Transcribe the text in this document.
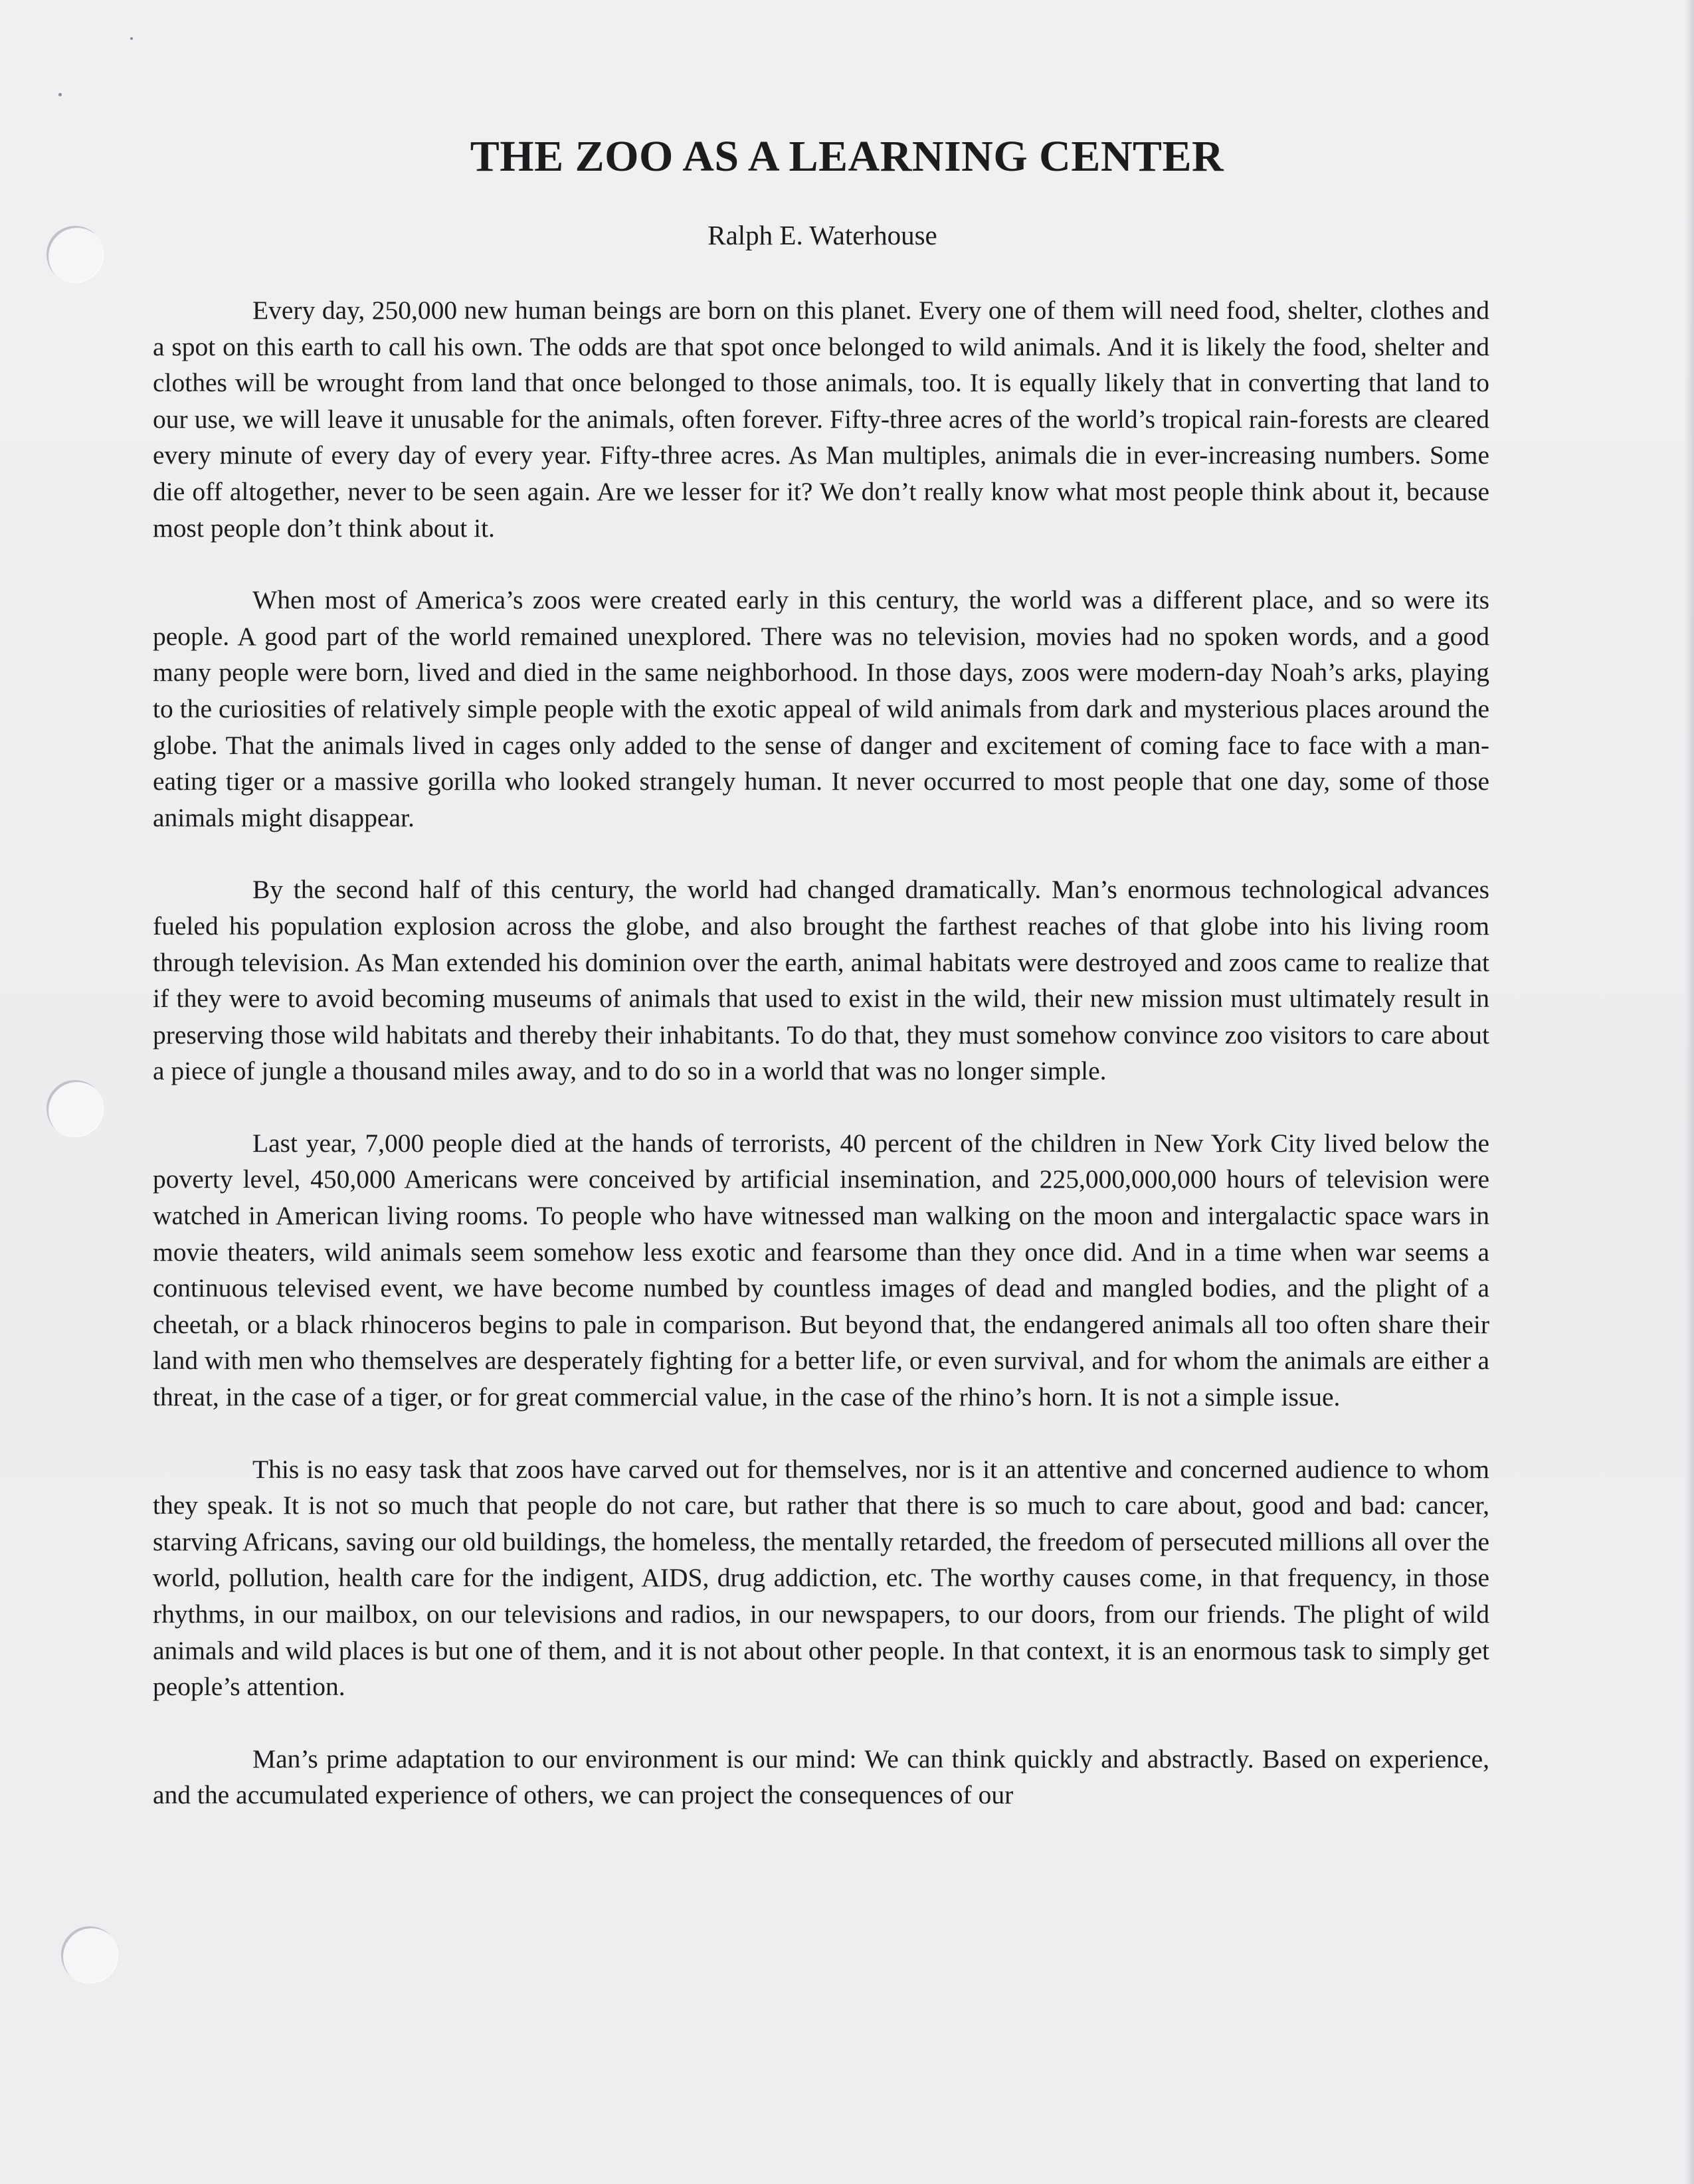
THE ZOO AS A LEARNING CENTER
Ralph E. Waterhouse

Every day, 250,000 new human beings are born on this planet. Every one of them will need food, shelter, clothes and a spot on this earth to call his own. The odds are that spot once belonged to wild animals. And it is likely the food, shelter and clothes will be wrought from land that once belonged to those animals, too. It is equally likely that in converting that land to our use, we will leave it unusable for the animals, often forever. Fifty-three acres of the world’s tropical rain-forests are cleared every minute of every day of every year. Fifty-three acres. As Man multiples, animals die in ever-increasing numbers. Some die off altogether, never to be seen again. Are we lesser for it? We don’t really know what most people think about it, because most people don’t think about it.

When most of America’s zoos were created early in this century, the world was a different place, and so were its people. A good part of the world remained unexplored. There was no television, movies had no spoken words, and a good many people were born, lived and died in the same neighborhood. In those days, zoos were modern-day Noah’s arks, playing to the curiosities of relatively simple people with the exotic appeal of wild animals from dark and mysterious places around the globe. That the animals lived in cages only added to the sense of danger and excitement of coming face to face with a man-eating tiger or a massive gorilla who looked strangely human. It never occurred to most people that one day, some of those animals might disappear.

By the second half of this century, the world had changed dramatically. Man’s enormous technological advances fueled his population explosion across the globe, and also brought the farthest reaches of that globe into his living room through television. As Man extended his dominion over the earth, animal habitats were destroyed and zoos came to realize that if they were to avoid becoming museums of animals that used to exist in the wild, their new mission must ultimately result in preserving those wild habitats and thereby their inhabitants. To do that, they must somehow convince zoo visitors to care about a piece of jungle a thousand miles away, and to do so in a world that was no longer simple.

Last year, 7,000 people died at the hands of terrorists, 40 percent of the children in New York City lived below the poverty level, 450,000 Americans were conceived by artificial insemination, and 225,000,000,000 hours of television were watched in American living rooms. To people who have witnessed man walking on the moon and intergalactic space wars in movie theaters, wild animals seem somehow less exotic and fearsome than they once did. And in a time when war seems a continuous televised event, we have become numbed by countless images of dead and mangled bodies, and the plight of a cheetah, or a black rhinoceros begins to pale in comparison. But beyond that, the endangered animals all too often share their land with men who themselves are desperately fighting for a better life, or even survival, and for whom the animals are either a threat, in the case of a tiger, or for great commercial value, in the case of the rhino’s horn. It is not a simple issue.

This is no easy task that zoos have carved out for themselves, nor is it an attentive and concerned audience to whom they speak. It is not so much that people do not care, but rather that there is so much to care about, good and bad: cancer, starving Africans, saving our old buildings, the homeless, the mentally retarded, the freedom of persecuted millions all over the world, pollution, health care for the indigent, AIDS, drug addiction, etc. The worthy causes come, in that frequency, in those rhythms, in our mailbox, on our televisions and radios, in our newspapers, to our doors, from our friends. The plight of wild animals and wild places is but one of them, and it is not about other people. In that context, it is an enormous task to simply get people’s attention.

Man’s prime adaptation to our environment is our mind: We can think quickly and abstractly. Based on experience, and the accumulated experience of others, we can project the consequences of our
